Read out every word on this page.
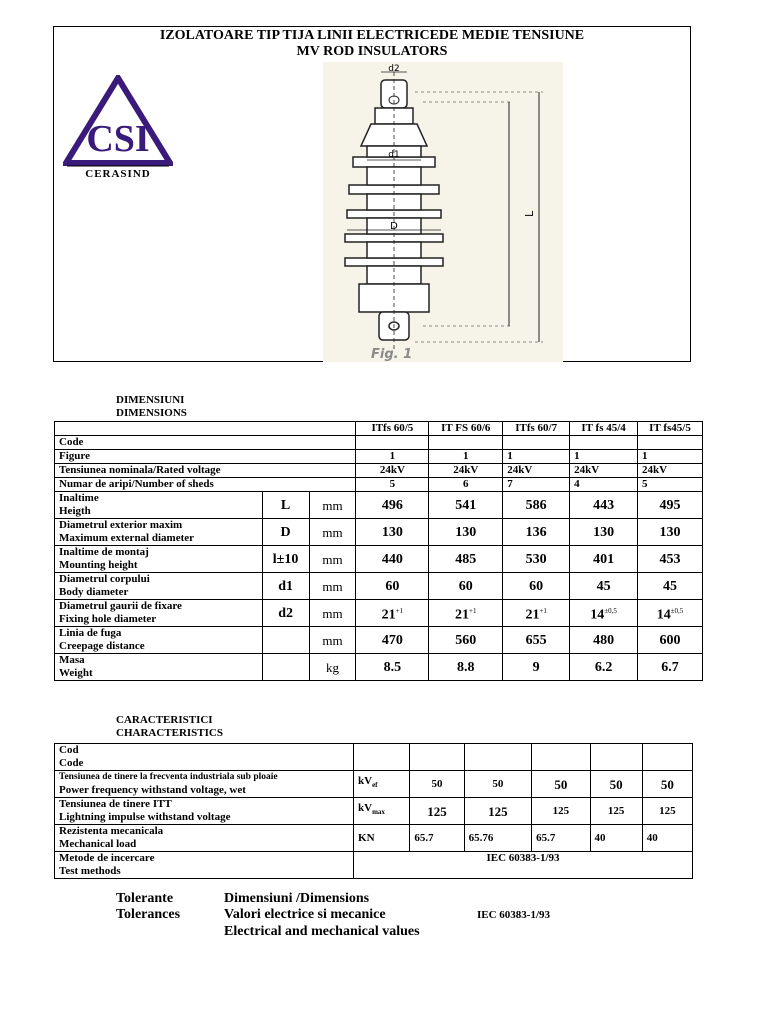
IZOLATOARE TIP TIJA LINII ELECTRICEDE MEDIE TENSIUNE
MV ROD INSULATORS
CSI
CERASIND
d2
d1
D
L
Fig. 1
DIMENSIUNI
DIMENSIONS
			ITfs 60/5	IT FS 60/6	ITfs 60/7	IT fs 45/4	IT fs45/5
Code							
Figure			1	1	1	1	1
Tensiunea nominala/Rated voltage			24kV	24kV	24kV	24kV	24kV
Numar de aripi/Number of sheds			5	6	7	4	5

Inaltime
Heigth	L	mm	496	541	586	443	495

Diametrul exterior maxim
Maximum external diameter	D	mm	130	130	136	130	130

Inaltime de montaj
Mounting height	l±10	mm	440	485	530	401	453

Diametrul corpului
Body diameter	d1	mm	60	60	60	45	45

Diametrul gaurii de fixare
Fixing hole diameter	d2	mm	$21^{+1}$	$21^{+1}$	$21^{+1}$	$14^{\pm 0,5}$	$14^{\pm 0,5}$

Linia de fuga
Creepage distance		mm	470	560	655	480	600

Masa
Weight		kg	8.5	8.8	9	6.2	6.7
CARACTERISTICI
CHARACTERISTICS
Cod
Code						

Tensiunea de tinere la frecventa industriala sub ploaie
Power frequency withstand voltage, wet	$kV_{ef}$	50	50	50	50	50

Tensiunea de tinere ITT
Lightning impulse withstand voltage	$kV_{max}$	125	125	125	125	125

Rezistenta mecanicala
Mechanical load	KN	65.7	65.76	65.7	40	40

Metode de incercare
Test methods	IEC 60383-1/93					
Tolerante
Tolerances
Dimensiuni /Dimensions
Valori electrice si mecanice
Electrical and mechanical values
IEC 60383-1/93
